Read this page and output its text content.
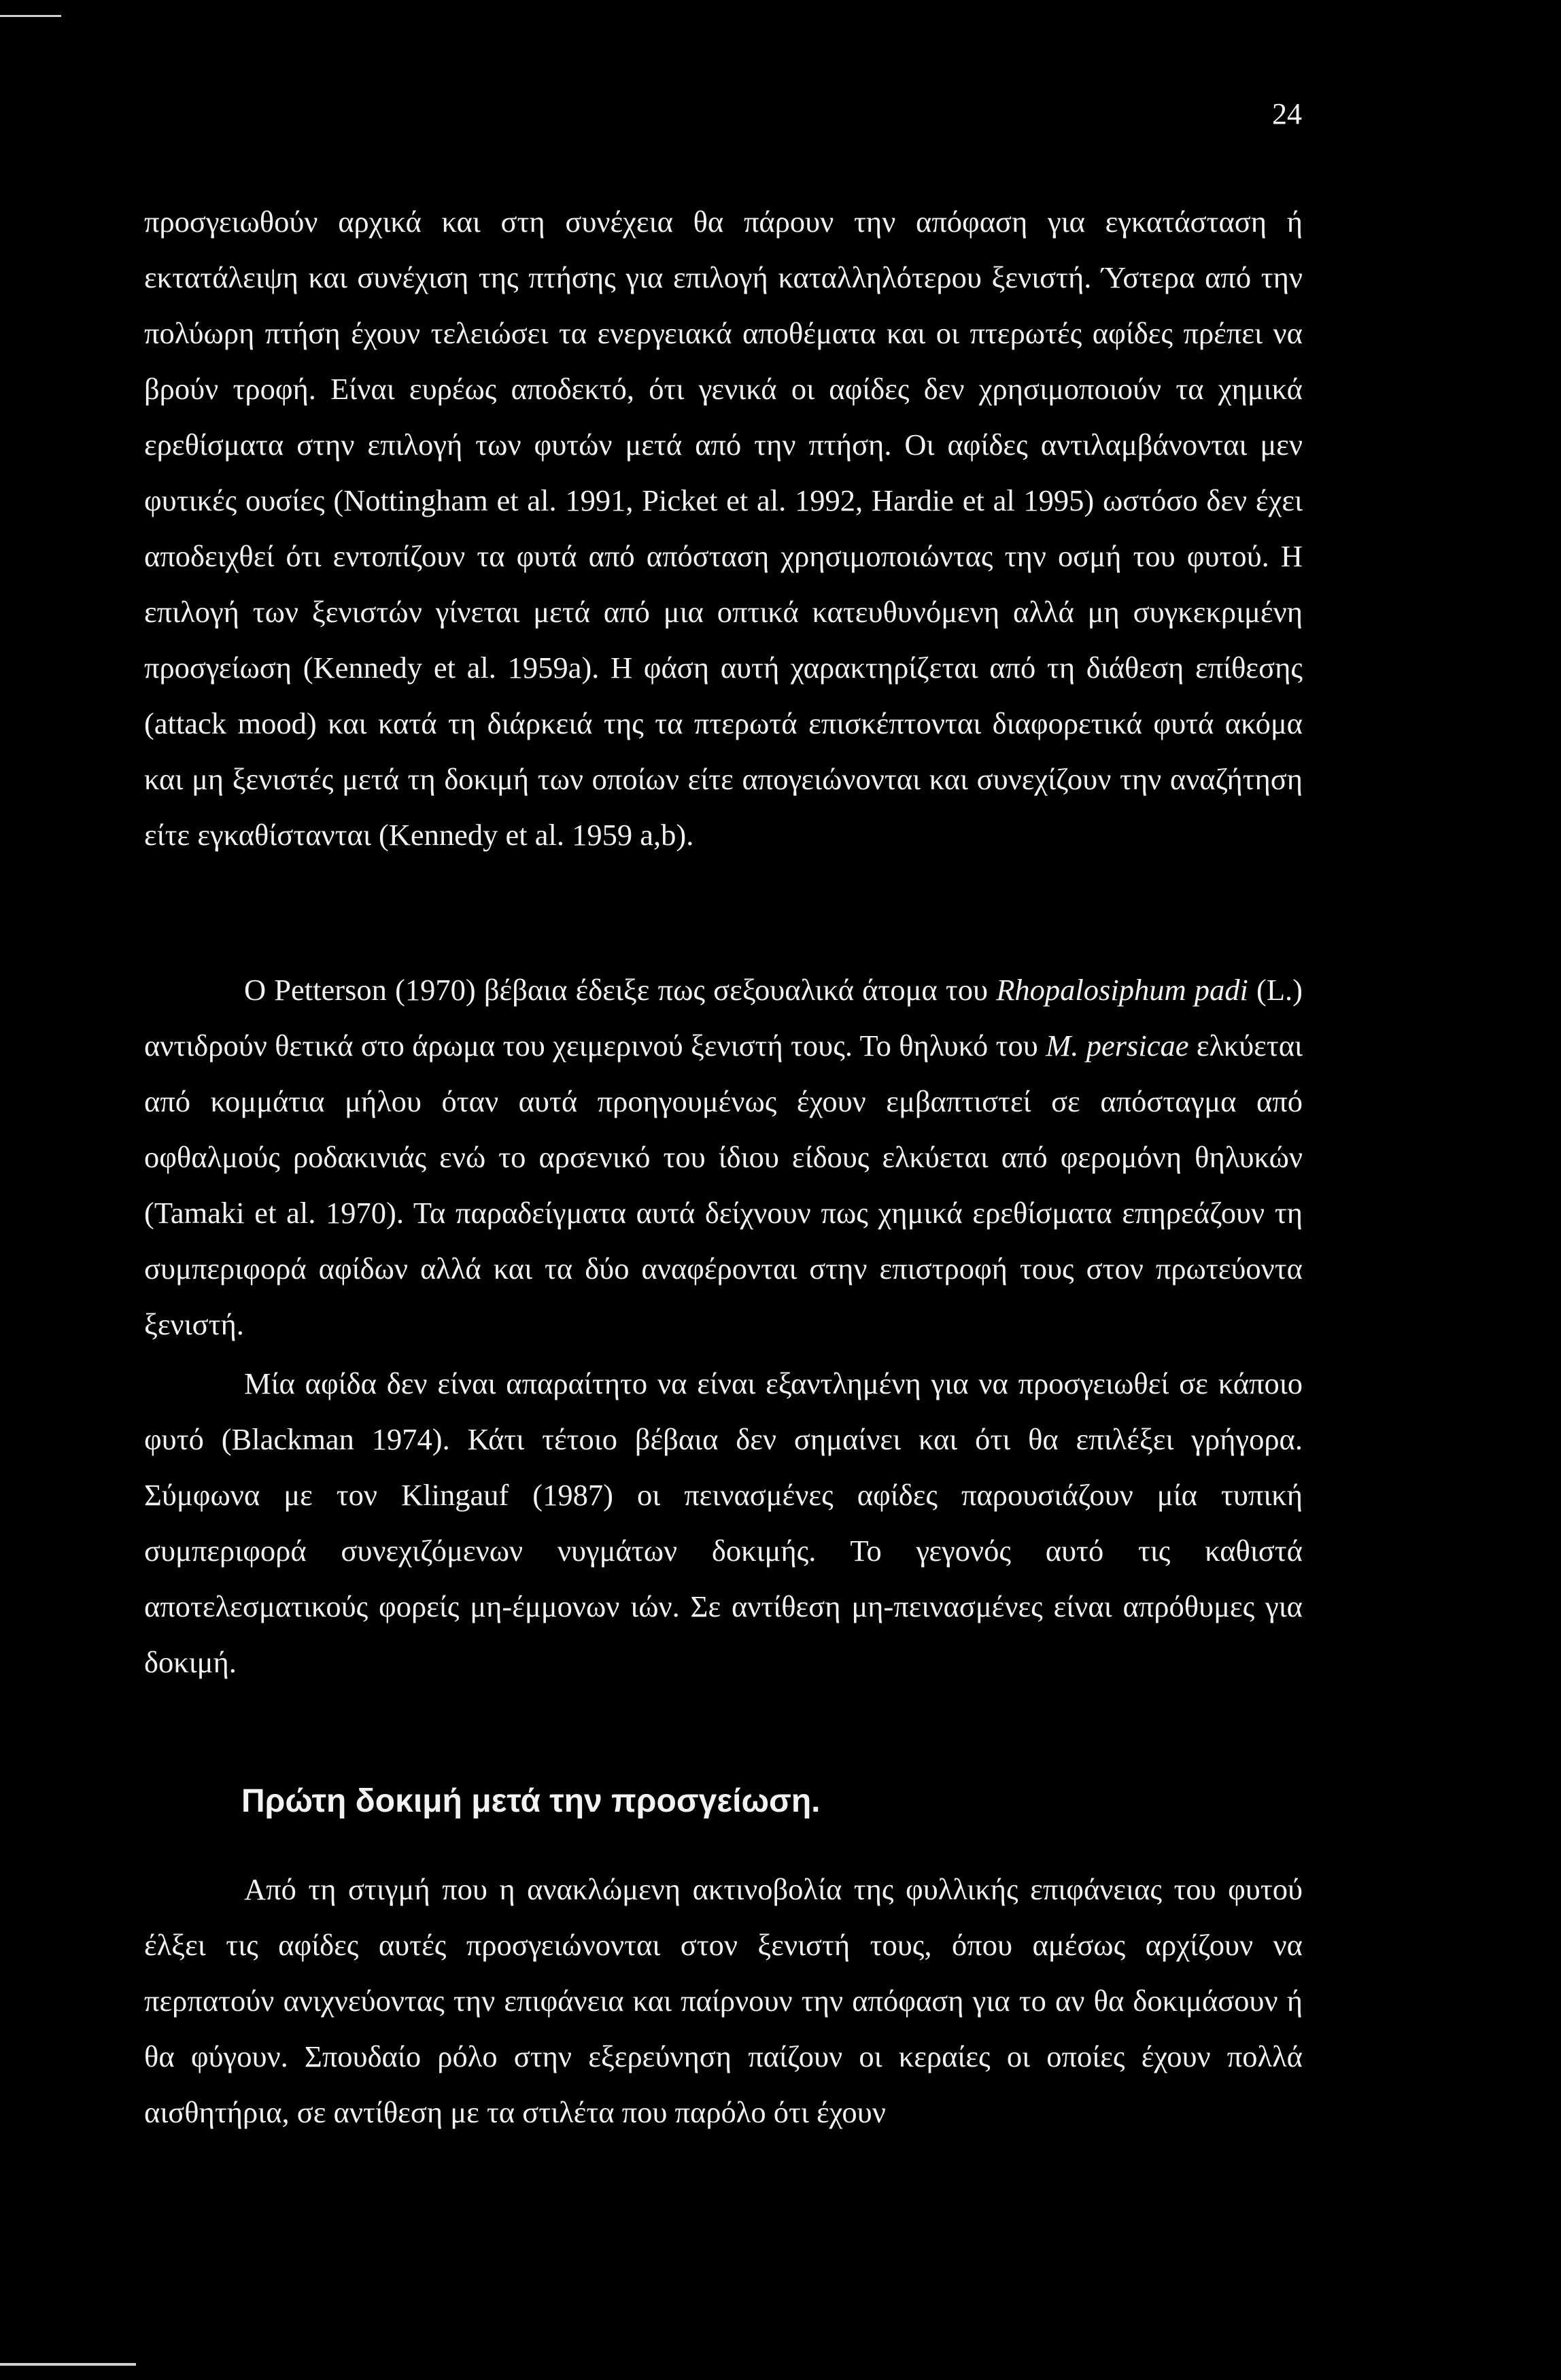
24

προσγειωθούν αρχικά και στη συνέχεια θα πάρουν την απόφαση για εγκατάσταση ή εκτατάλειψη και συνέχιση της πτήσης για επιλογή καταλληλότερου ξενιστή. Ύστερα από την πολύωρη πτήση έχουν τελειώσει τα ενεργειακά αποθέματα και οι πτερωτές αφίδες πρέπει να βρούν τροφή. Είναι ευρέως αποδεκτό, ότι γενικά οι αφίδες δεν χρησιμοποιούν τα χημικά ερεθίσματα στην επιλογή των φυτών μετά από την πτήση. Οι αφίδες αντιλαμβάνονται μεν φυτικές ουσίες (Nottingham et al. 1991, Picket et al. 1992, Hardie et al 1995) ωστόσο δεν έχει αποδειχθεί ότι εντοπίζουν τα φυτά από απόσταση χρησιμοποιώντας την οσμή του φυτού. Η επιλογή των ξενιστών γίνεται μετά από μια οπτικά κατευθυνόμενη αλλά μη συγκεκριμένη προσγείωση (Kennedy et al. 1959a). Η φάση αυτή χαρακτηρίζεται από τη διάθεση επίθεσης (attack mood) και κατά τη διάρκειά της τα πτερωτά επισκέπτονται διαφορετικά φυτά ακόμα και μη ξενιστές μετά τη δοκιμή των οποίων είτε απογειώνονται και συνεχίζουν την αναζήτηση είτε εγκαθίστανται (Kennedy et al. 1959 a,b).

Ο Petterson (1970) βέβαια έδειξε πως σεξουαλικά άτομα του Rhopalosiphum padi (L.) αντιδρούν θετικά στο άρωμα του χειμερινού ξενιστή τους. Το θηλυκό του M. persicae ελκύεται από κομμάτια μήλου όταν αυτά προηγουμένως έχουν εμβαπτιστεί σε απόσταγμα από οφθαλμούς ροδακινιάς ενώ το αρσενικό του ίδιου είδους ελκύεται από φερομόνη θηλυκών (Tamaki et al. 1970). Τα παραδείγματα αυτά δείχνουν πως χημικά ερεθίσματα επηρεάζουν τη συμπεριφορά αφίδων αλλά και τα δύο αναφέρονται στην επιστροφή τους στον πρωτεύοντα ξενιστή.

Μία αφίδα δεν είναι απαραίτητο να είναι εξαντλημένη για να προσγειωθεί σε κάποιο φυτό (Blackman 1974). Κάτι τέτοιο βέβαια δεν σημαίνει και ότι θα επιλέξει γρήγορα. Σύμφωνα με τον Klingauf (1987) οι πεινασμένες αφίδες παρουσιάζουν μία τυπική συμπεριφορά συνεχιζόμενων νυγμάτων δοκιμής. Το γεγονός αυτό τις καθιστά αποτελεσματικούς φορείς μη-έμμονων ιών. Σε αντίθεση μη-πεινασμένες είναι απρόθυμες για δοκιμή.

Πρώτη δοκιμή μετά την προσγείωση.

Από τη στιγμή που η ανακλώμενη ακτινοβολία της φυλλικής επιφάνειας του φυτού έλξει τις αφίδες αυτές προσγειώνονται στον ξενιστή τους, όπου αμέσως αρχίζουν να περπατούν ανιχνεύοντας την επιφάνεια και παίρνουν την απόφαση για το αν θα δοκιμάσουν ή θα φύγουν. Σπουδαίο ρόλο στην εξερεύνηση παίζουν οι κεραίες οι οποίες έχουν πολλά αισθητήρια, σε αντίθεση με τα στιλέτα που παρόλο ότι έχουν
